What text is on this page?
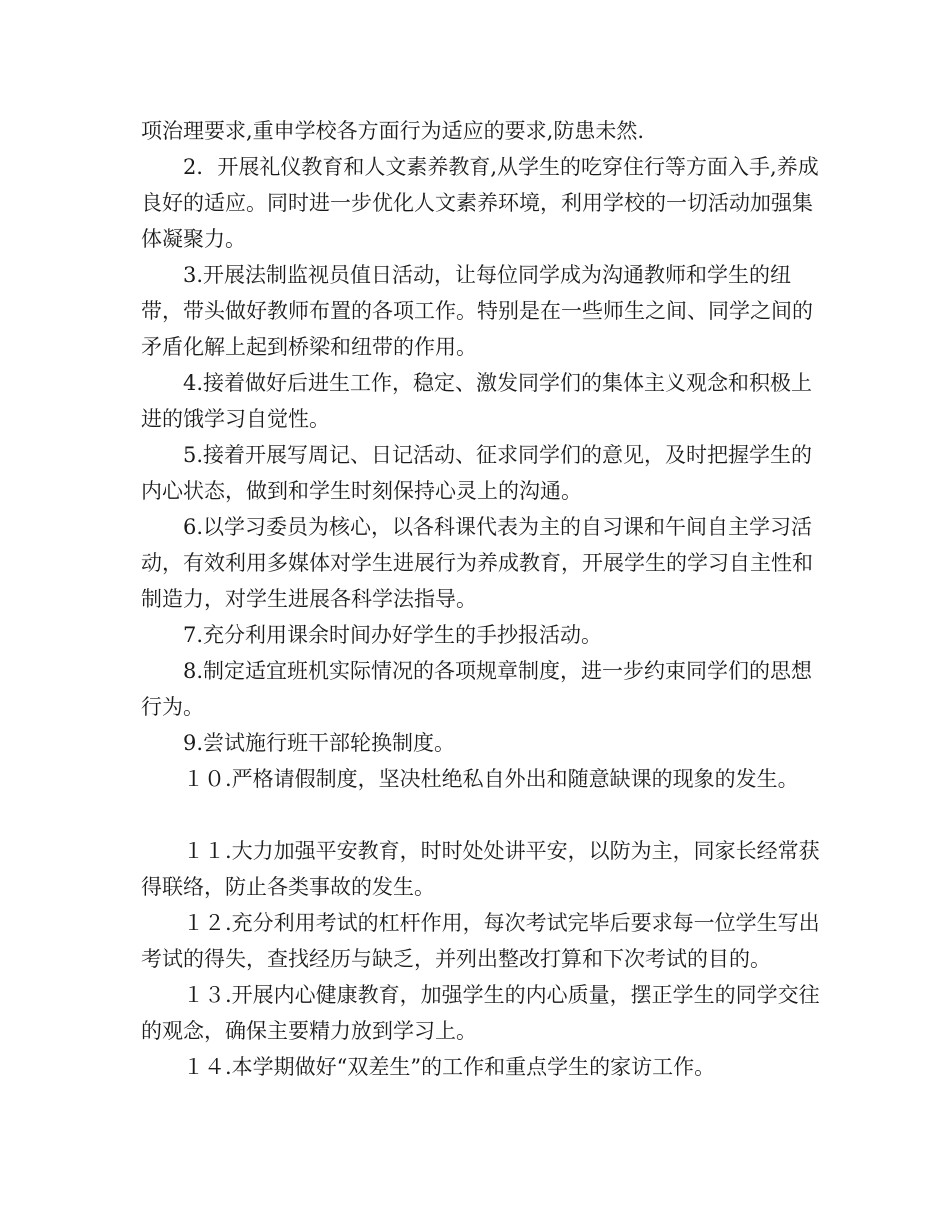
项治理要求,重申学校各方面行为适应的要求,防患未然.

2．开展礼仪教育和人文素养教育,从学生的吃穿住行等方面入手,养成良好的适应。同时进一步优化人文素养环境，利用学校的一切活动加强集体凝聚力。

3.开展法制监视员值日活动，让每位同学成为沟通教师和学生的纽带，带头做好教师布置的各项工作。特别是在一些师生之间、同学之间的矛盾化解上起到桥梁和纽带的作用。

4.接着做好后进生工作，稳定、激发同学们的集体主义观念和积极上进的饿学习自觉性。

5.接着开展写周记、日记活动、征求同学们的意见，及时把握学生的内心状态，做到和学生时刻保持心灵上的沟通。

6.以学习委员为核心，以各科课代表为主的自习课和午间自主学习活动，有效利用多媒体对学生进展行为养成教育，开展学生的学习自主性和制造力，对学生进展各科学法指导。

7.充分利用课余时间办好学生的手抄报活动。

8.制定适宜班机实际情况的各项规章制度，进一步约束同学们的思想行为。

9.尝试施行班干部轮换制度。

１０.严格请假制度，坚决杜绝私自外出和随意缺课的现象的发生。

１１.大力加强平安教育，时时处处讲平安，以防为主，同家长经常获得联络，防止各类事故的发生。

１２.充分利用考试的杠杆作用，每次考试完毕后要求每一位学生写出考试的得失，查找经历与缺乏，并列出整改打算和下次考试的目的。

１３.开展内心健康教育，加强学生的内心质量，摆正学生的同学交往的观念，确保主要精力放到学习上。

１４.本学期做好“双差生”的工作和重点学生的家访工作。
